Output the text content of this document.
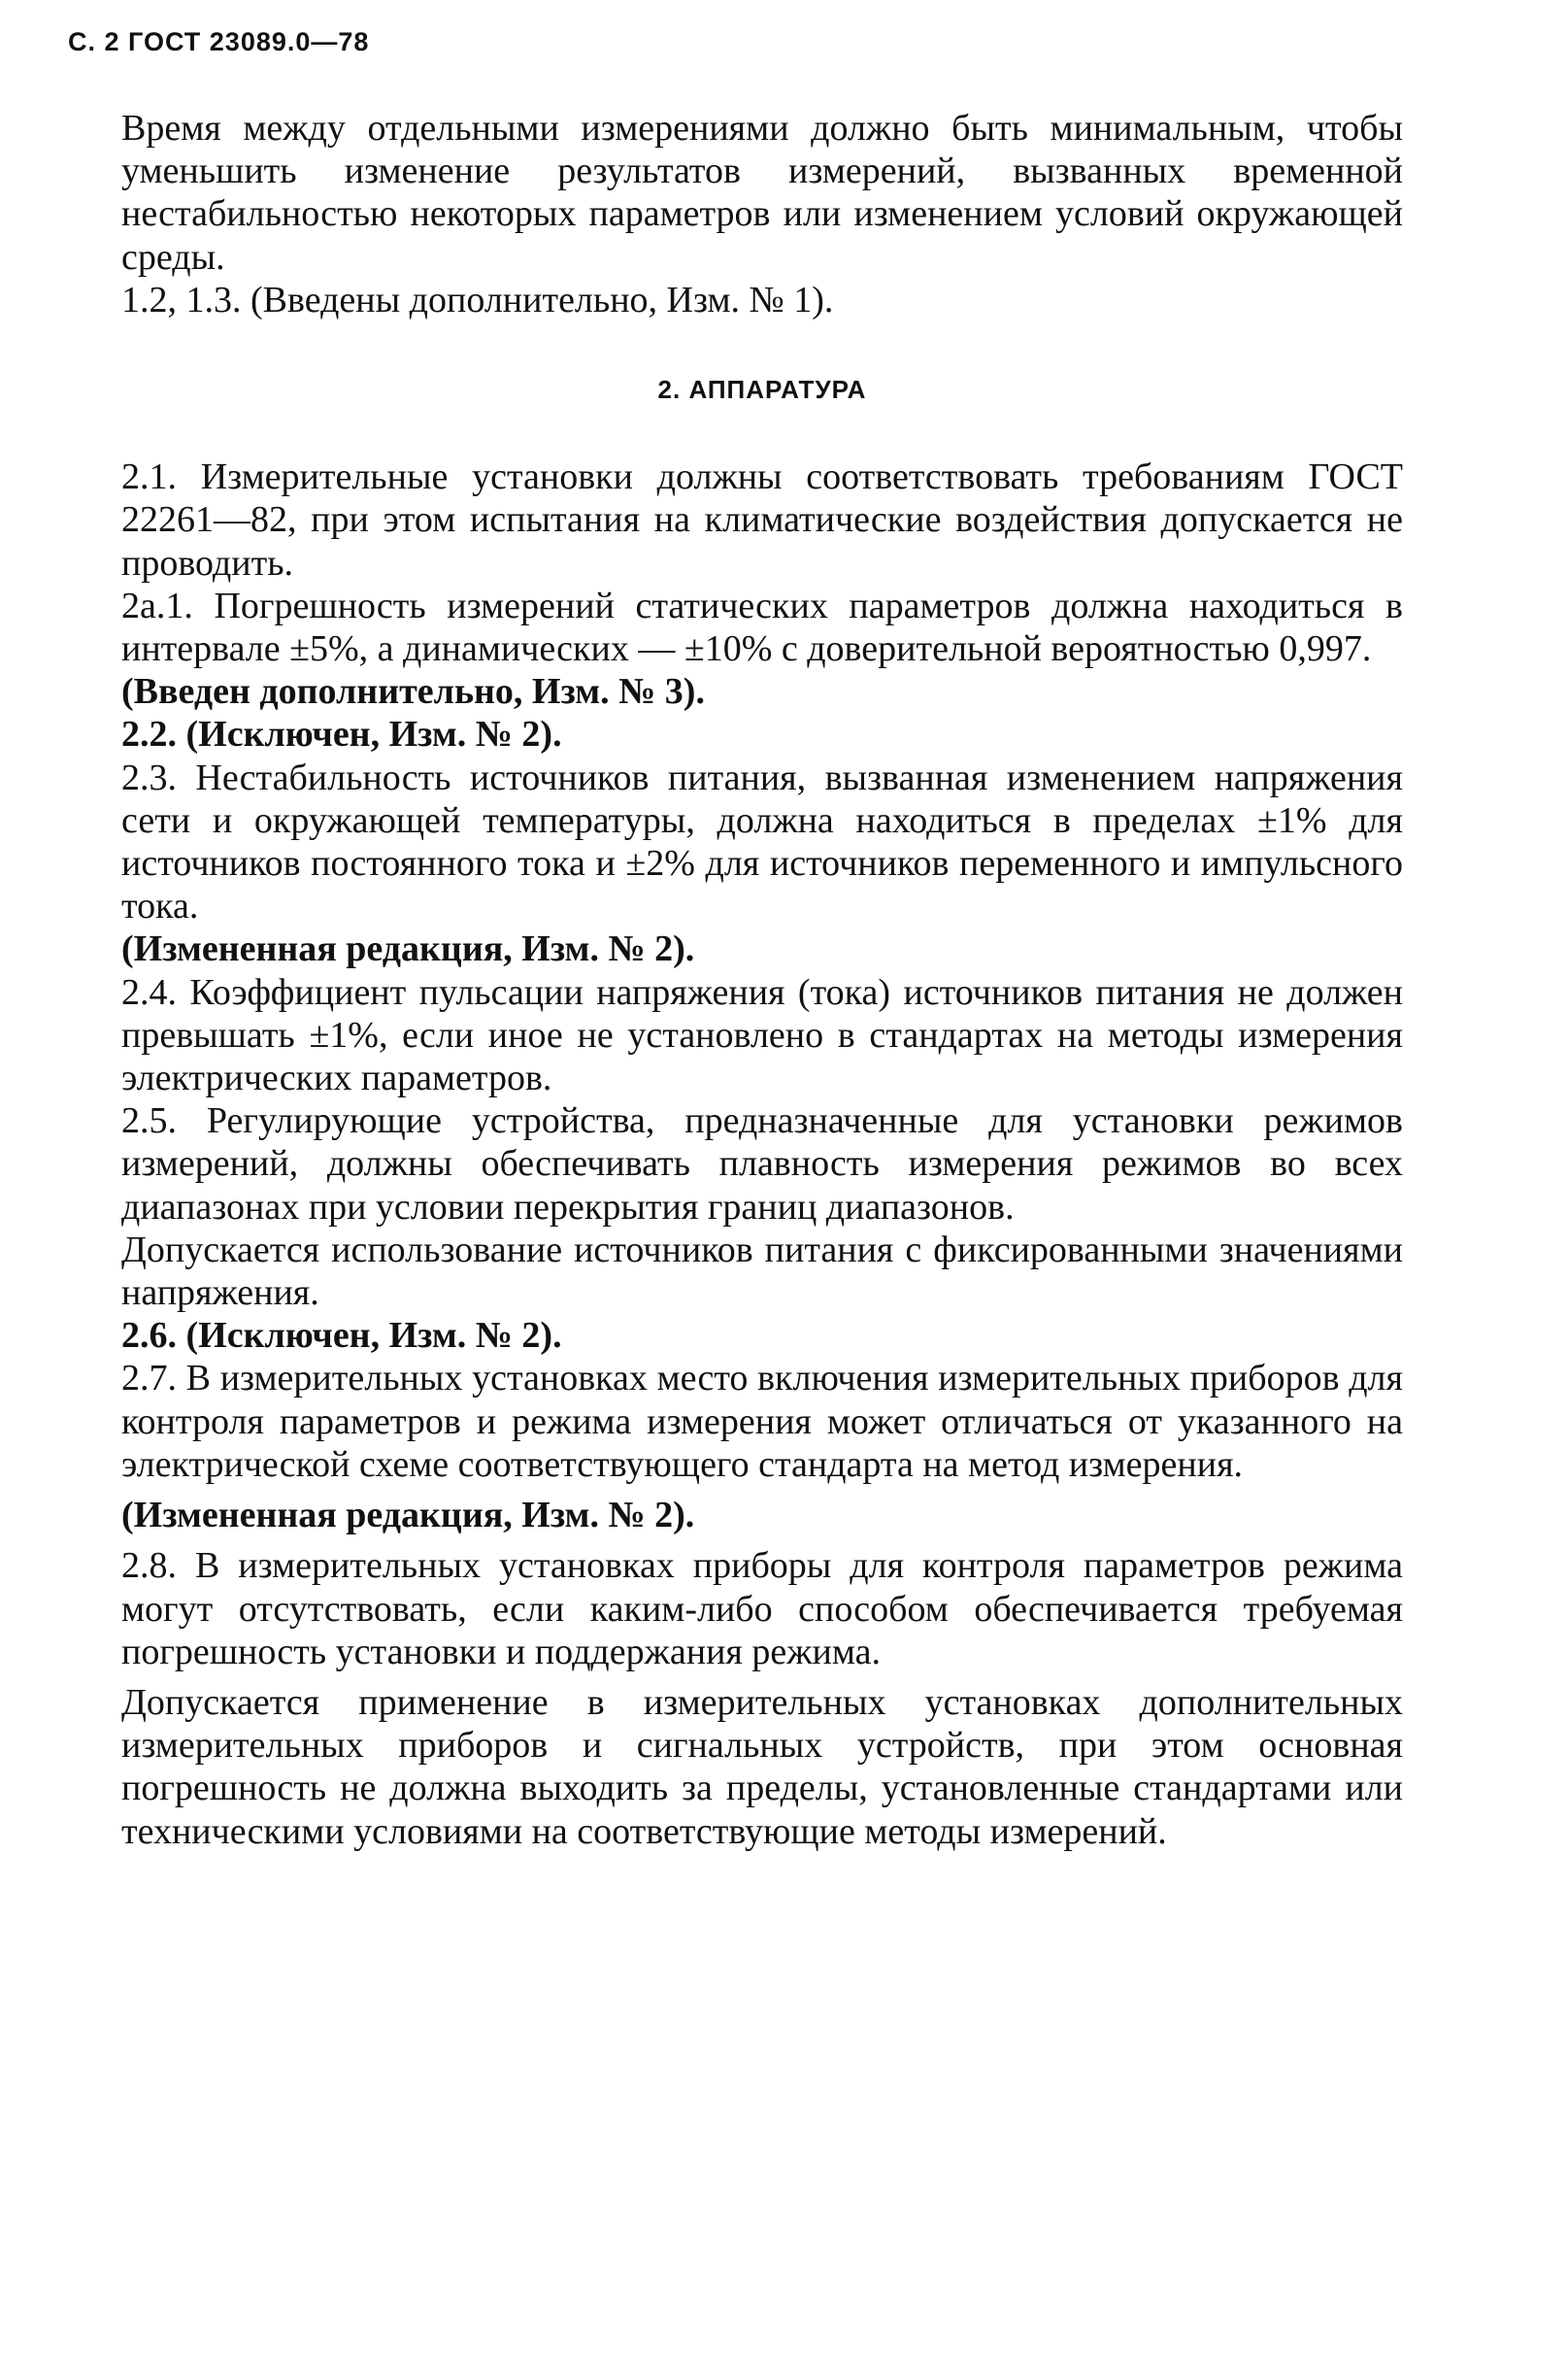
С. 2 ГОСТ 23089.0—78

Время между отдельными измерениями должно быть минимальным, чтобы уменьшить изменение результатов измерений, вызванных временной нестабильностью некоторых параметров или изменением условий окружающей среды.

1.2, 1.3. (Введены дополнительно, Изм. № 1).

2. АППАРАТУРА

2.1. Измерительные установки должны соответствовать требованиям ГОСТ 22261—82, при этом испытания на климатические воздействия допускается не проводить.

2а.1. Погрешность измерений статических параметров должна находиться в интервале ±5%, а динамических — ±10% с доверительной вероятностью 0,997.

(Введен дополнительно, Изм. № 3).

2.2. (Исключен, Изм. № 2).

2.3. Нестабильность источников питания, вызванная изменением напряжения сети и окружающей температуры, должна находиться в пределах ±1% для источников постоянного тока и ±2% для источников переменного и импульсного тока.

(Измененная редакция, Изм. № 2).

2.4. Коэффициент пульсации напряжения (тока) источников питания не должен превышать ±1%, если иное не установлено в стандартах на методы измерения электрических параметров.

2.5. Регулирующие устройства, предназначенные для установки режимов измерений, должны обеспечивать плавность измерения режимов во всех диапазонах при условии перекрытия границ диапазонов.

Допускается использование источников питания с фиксированными значениями напряжения.

2.6. (Исключен, Изм. № 2).

2.7. В измерительных установках место включения измерительных приборов для контроля параметров и режима измерения может отличаться от указанного на электрической схеме соответствующего стандарта на метод измерения.

(Измененная редакция, Изм. № 2).

2.8. В измерительных установках приборы для контроля параметров режима могут отсутствовать, если каким-либо способом обеспечивается требуемая погрешность установки и поддержания режима.

Допускается применение в измерительных установках дополнительных измерительных приборов и сигнальных устройств, при этом основная погрешность не должна выходить за пределы, установленные стандартами или техническими условиями на соответствующие методы измерений.
